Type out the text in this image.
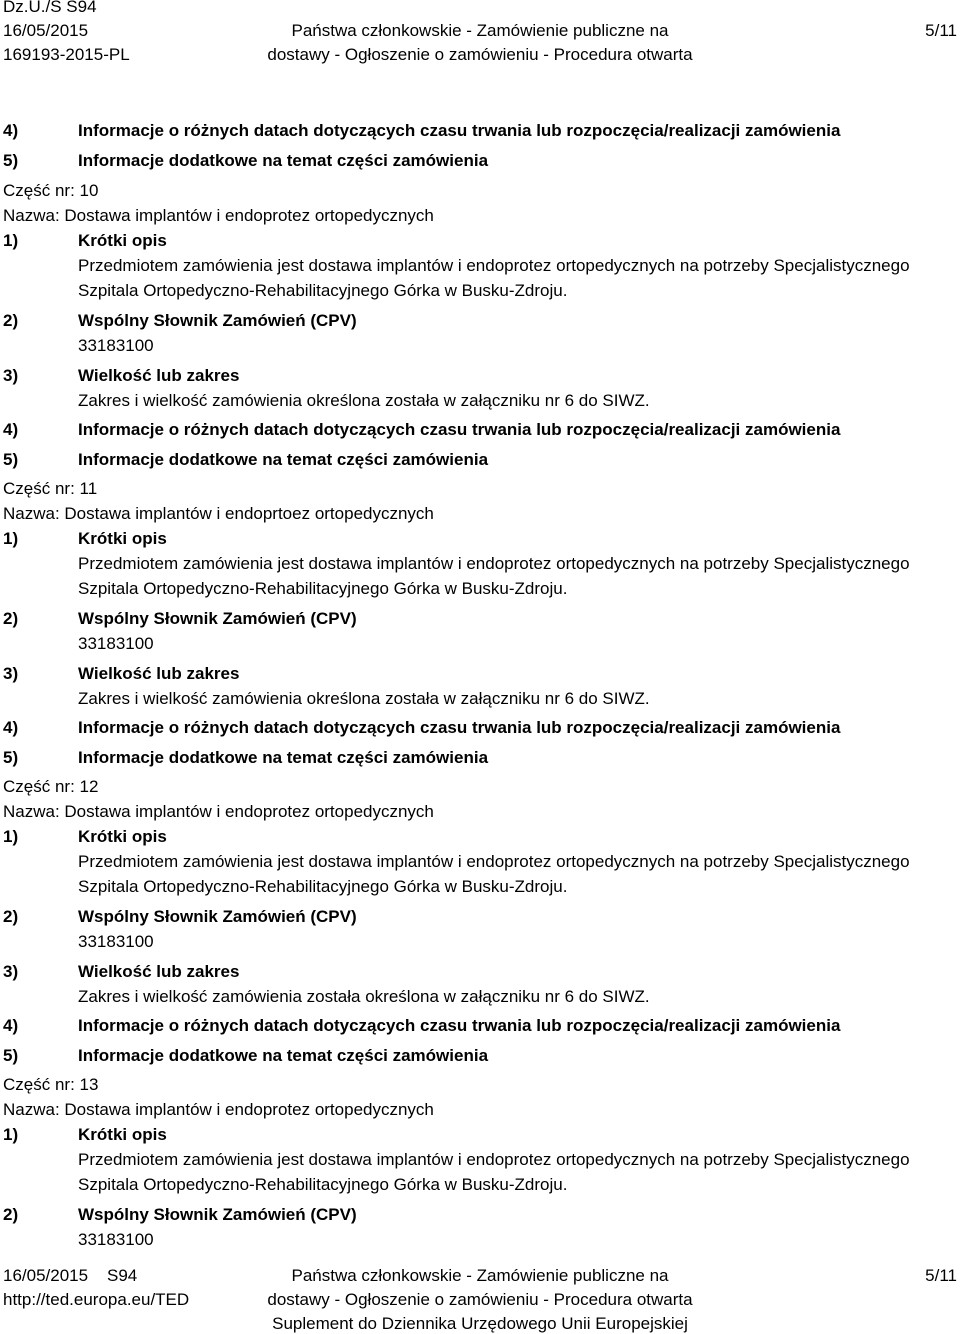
Dz.U./S S94
16/05/2015
169193-2015-PL
Państwa członkowskie - Zamówienie publiczne na
dostawy - Ogłoszenie o zamówieniu - Procedura otwarta
5/11
4)	Informacje o różnych datach dotyczących czasu trwania lub rozpoczęcia/realizacji zamówienia
5)	Informacje dodatkowe na temat części zamówienia
Część nr: 10
Nazwa: Dostawa implantów i endoprotez ortopedycznych
1)	Krótki opis
Przedmiotem zamówienia jest dostawa implantów i endoprotez ortopedycznych na potrzeby Specjalistycznego
Szpitala Ortopedyczno-Rehabilitacyjnego Górka w Busku-Zdroju.
2)	Wspólny Słownik Zamówień (CPV)
33183100
3)	Wielkość lub zakres
Zakres i wielkość zamówienia określona została w załączniku nr 6 do SIWZ.
4)	Informacje o różnych datach dotyczących czasu trwania lub rozpoczęcia/realizacji zamówienia
5)	Informacje dodatkowe na temat części zamówienia
Część nr: 11
Nazwa: Dostawa implantów i endoprtoez ortopedycznych
1)	Krótki opis
Przedmiotem zamówienia jest dostawa implantów i endoprotez ortopedycznych na potrzeby Specjalistycznego
Szpitala Ortopedyczno-Rehabilitacyjnego Górka w Busku-Zdroju.
2)	Wspólny Słownik Zamówień (CPV)
33183100
3)	Wielkość lub zakres
Zakres i wielkość zamówienia określona została w załączniku nr 6 do SIWZ.
4)	Informacje o różnych datach dotyczących czasu trwania lub rozpoczęcia/realizacji zamówienia
5)	Informacje dodatkowe na temat części zamówienia
Część nr: 12
Nazwa: Dostawa implantów i endoprotez ortopedycznych
1)	Krótki opis
Przedmiotem zamówienia jest dostawa implantów i endoprotez ortopedycznych na potrzeby Specjalistycznego
Szpitala Ortopedyczno-Rehabilitacyjnego Górka w Busku-Zdroju.
2)	Wspólny Słownik Zamówień (CPV)
33183100
3)	Wielkość lub zakres
Zakres i wielkość zamówienia została określona w załączniku nr 6 do SIWZ.
4)	Informacje o różnych datach dotyczących czasu trwania lub rozpoczęcia/realizacji zamówienia
5)	Informacje dodatkowe na temat części zamówienia
Część nr: 13
Nazwa: Dostawa implantów i endoprotez ortopedycznych
1)	Krótki opis
Przedmiotem zamówienia jest dostawa implantów i endoprotez ortopedycznych na potrzeby Specjalistycznego
Szpitala Ortopedyczno-Rehabilitacyjnego Górka w Busku-Zdroju.
2)	Wspólny Słownik Zamówień (CPV)
33183100
16/05/2015    S94
http://ted.europa.eu/TED
Państwa członkowskie - Zamówienie publiczne na
dostawy - Ogłoszenie o zamówieniu - Procedura otwarta
Suplement do Dziennika Urzędowego Unii Europejskiej
5/11
